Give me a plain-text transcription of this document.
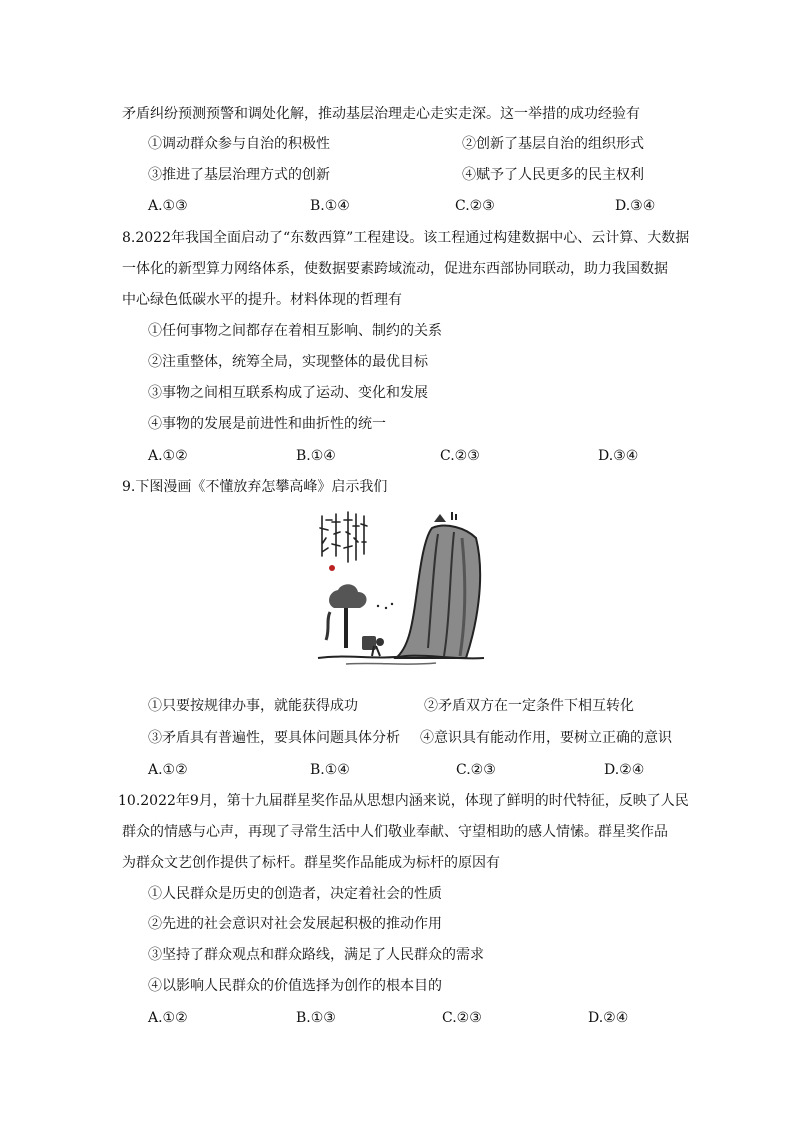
矛盾纠纷预测预警和调处化解，推动基层治理走心走实走深。这一举措的成功经验有
①调动群众参与自治的积极性	②创新了基层自治的组织形式
③推进了基层治理方式的创新	④赋予了人民更多的民主权利
A.①③	B.①④	C.②③	D.③④
8.2022年我国全面启动了“东数西算”工程建设。该工程通过构建数据中心、云计算、大数据
一体化的新型算力网络体系，使数据要素跨域流动，促进东西部协同联动，助力我国数据
中心绿色低碳水平的提升。材料体现的哲理有
①任何事物之间都存在着相互影响、制约的关系
②注重整体，统筹全局，实现整体的最优目标
③事物之间相互联系构成了运动、变化和发展
④事物的发展是前进性和曲折性的统一
A.①②	B.①④	C.②③	D.③④
9.下图漫画《不懂放弃怎攀高峰》启示我们
①只要按规律办事，就能获得成功	②矛盾双方在一定条件下相互转化
③矛盾具有普遍性，要具体问题具体分析 ④意识具有能动作用，要树立正确的意识
A.①②	B.①④	C.②③	D.②④
10.2022年9月，第十九届群星奖作品从思想内涵来说，体现了鲜明的时代特征，反映了人民
群众的情感与心声，再现了寻常生活中人们敬业奉献、守望相助的感人情愫。群星奖作品
为群众文艺创作提供了标杆。群星奖作品能成为标杆的原因有
①人民群众是历史的创造者，决定着社会的性质
②先进的社会意识对社会发展起积极的推动作用
③坚持了群众观点和群众路线，满足了人民群众的需求
④以影响人民群众的价值选择为创作的根本目的
A.①②	B.①③	C.②③	D.②④
